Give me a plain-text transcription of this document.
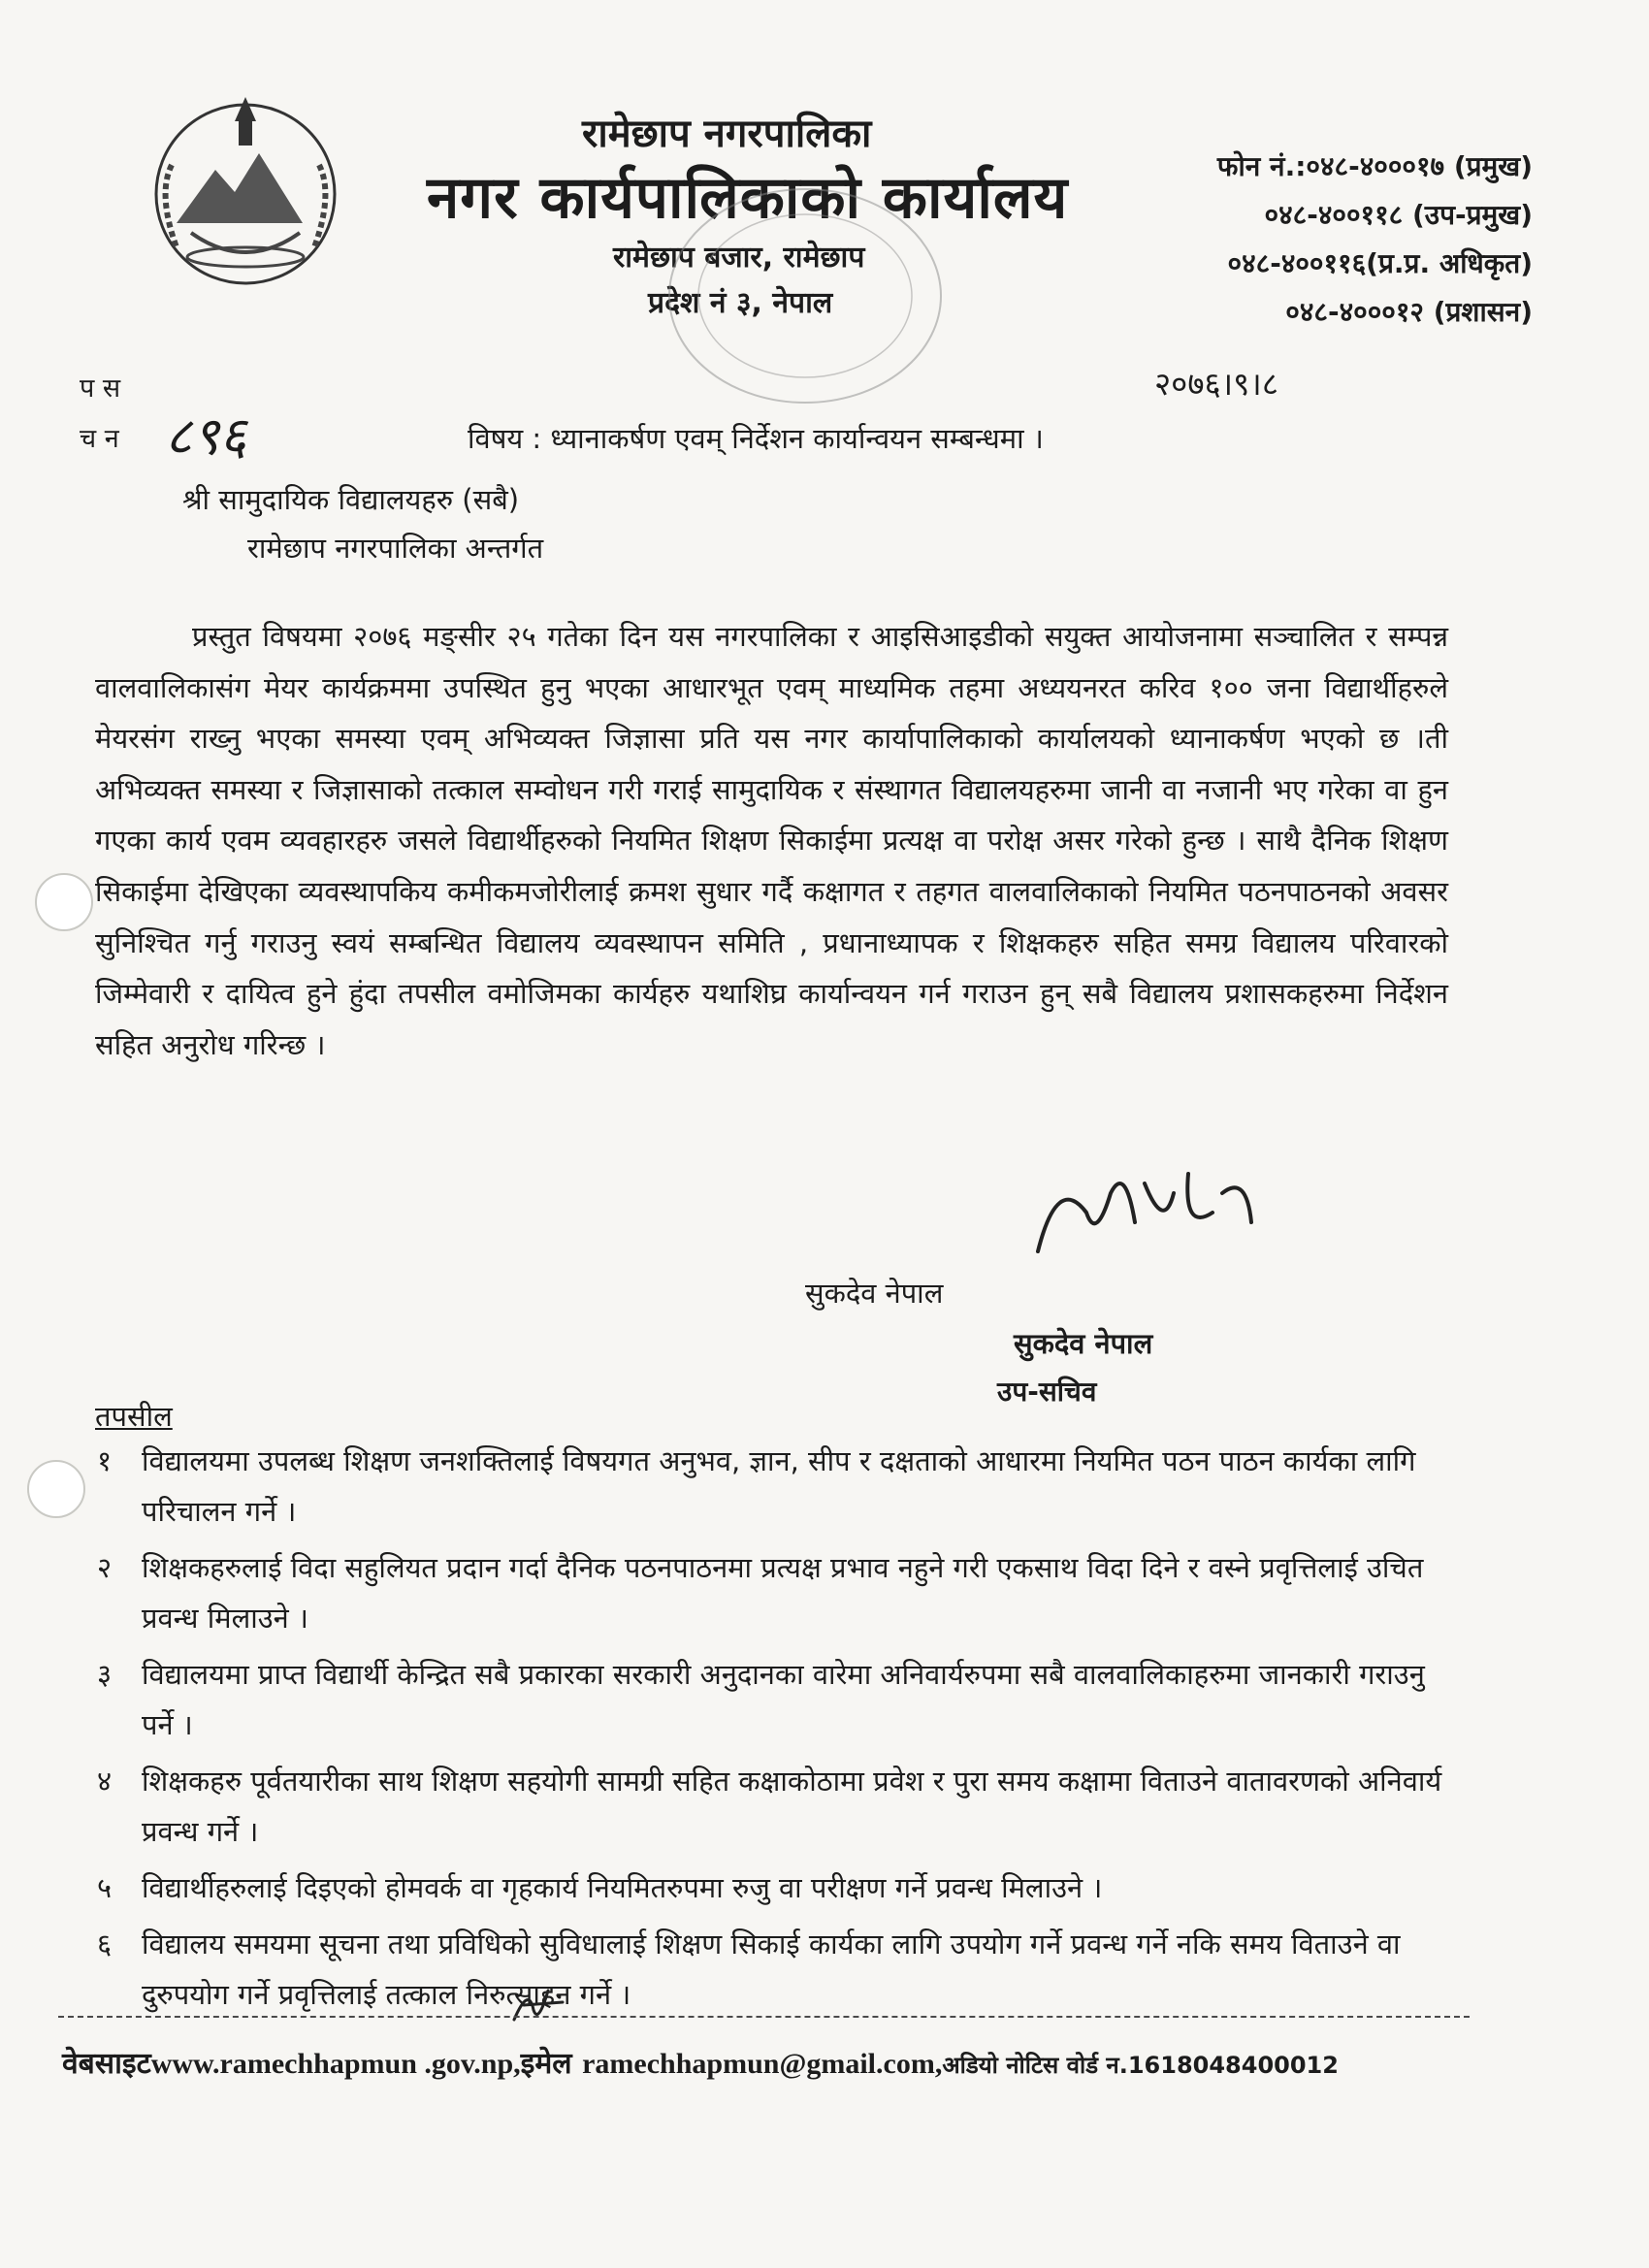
रामेछाप नगरपालिका
नगर कार्यपालिकाको कार्यालय
रामेछाप बजार, रामेछाप
प्रदेश नं ३, नेपाल
फोन नं.:०४८-४०००१७ (प्रमुख)
०४८-४००११८ (उप-प्रमुख)
०४८-४००११६(प्र.प्र. अधिकृत)
०४८-४०००१२ (प्रशासन)
प स
च न ८९६
२०७६।९।८
विषय : ध्यानाकर्षण एवम् निर्देशन कार्यान्वयन सम्बन्धमा ।
श्री सामुदायिक विद्यालयहरु (सबै)
रामेछाप नगरपालिका अन्तर्गत

प्रस्तुत विषयमा २०७६ मङ्सीर २५ गतेका दिन यस नगरपालिका र आइसिआइडीको सयुक्त आयोजनामा सञ्चालित र सम्पन्न वालवालिकासंग मेयर कार्यक्रममा उपस्थित हुनु भएका आधारभूत एवम् माध्यमिक तहमा अध्ययनरत करिव १०० जना विद्यार्थीहरुले मेयरसंग राख्नु भएका समस्या एवम् अभिव्यक्त जिज्ञासा प्रति यस नगर कार्यापालिकाको कार्यालयको ध्यानाकर्षण भएको छ ।ती अभिव्यक्त समस्या र जिज्ञासाको तत्काल सम्वोधन गरी गराई सामुदायिक र संस्थागत विद्यालयहरुमा जानी वा नजानी भए गरेका वा हुन गएका कार्य एवम व्यवहारहरु जसले विद्यार्थीहरुको नियमित शिक्षण सिकाईमा प्रत्यक्ष वा परोक्ष असर गरेको हुन्छ । साथै दैनिक शिक्षण सिकाईमा देखिएका व्यवस्थापकिय कमीकमजोरीलाई क्रमश सुधार गर्दै कक्षागत र तहगत वालवालिकाको नियमित पठनपाठनको अवसर सुनिश्चित गर्नु गराउनु स्वयं सम्बन्धित विद्यालय व्यवस्थापन समिति , प्रधानाध्यापक र शिक्षकहरु सहित समग्र विद्यालय परिवारको जिम्मेवारी र दायित्व हुने हुंदा तपसील वमोजिमका कार्यहरु यथाशिघ्र कार्यान्वयन गर्न गराउन हुन् सबै विद्यालय प्रशासकहरुमा निर्देशन सहित अनुरोध गरिन्छ ।

सुकदेव नेपाल
सुकदेव नेपाल
उप-सचिव
तपसील
१ विद्यालयमा उपलब्ध शिक्षण जनशक्तिलाई विषयगत अनुभव, ज्ञान, सीप र दक्षताको आधारमा नियमित पठन पाठन कार्यका लागि परिचालन गर्ने ।
२ शिक्षकहरुलाई विदा सहुलियत प्रदान गर्दा दैनिक पठनपाठनमा प्रत्यक्ष प्रभाव नहुने गरी एकसाथ विदा दिने र वस्ने प्रवृत्तिलाई उचित प्रवन्ध मिलाउने ।
३ विद्यालयमा प्राप्त विद्यार्थी केन्द्रित सबै प्रकारका सरकारी अनुदानका वारेमा अनिवार्यरुपमा सबै वालवालिकाहरुमा जानकारी गराउनु पर्ने ।
४ शिक्षकहरु पूर्वतयारीका साथ शिक्षण सहयोगी सामग्री सहित कक्षाकोठामा प्रवेश र पुरा समय कक्षामा विताउने वातावरणको अनिवार्य प्रवन्ध गर्ने ।
५ विद्यार्थीहरुलाई दिइएको होमवर्क वा गृहकार्य नियमितरुपमा रुजु वा परीक्षण गर्ने प्रवन्ध मिलाउने ।
६ विद्यालय समयमा सूचना तथा प्रविधिको सुविधालाई शिक्षण सिकाई कार्यका लागि उपयोग गर्ने प्रवन्ध गर्ने नकि समय विताउने वा दुरुपयोग गर्ने प्रवृत्तिलाई तत्काल निरुत्साहन गर्ने ।
वेबसाइटwww.ramechhapmun .gov.np,इमेल ramechhapmun@gmail.com,अडियो नोटिस वोर्ड न.1618048400012
